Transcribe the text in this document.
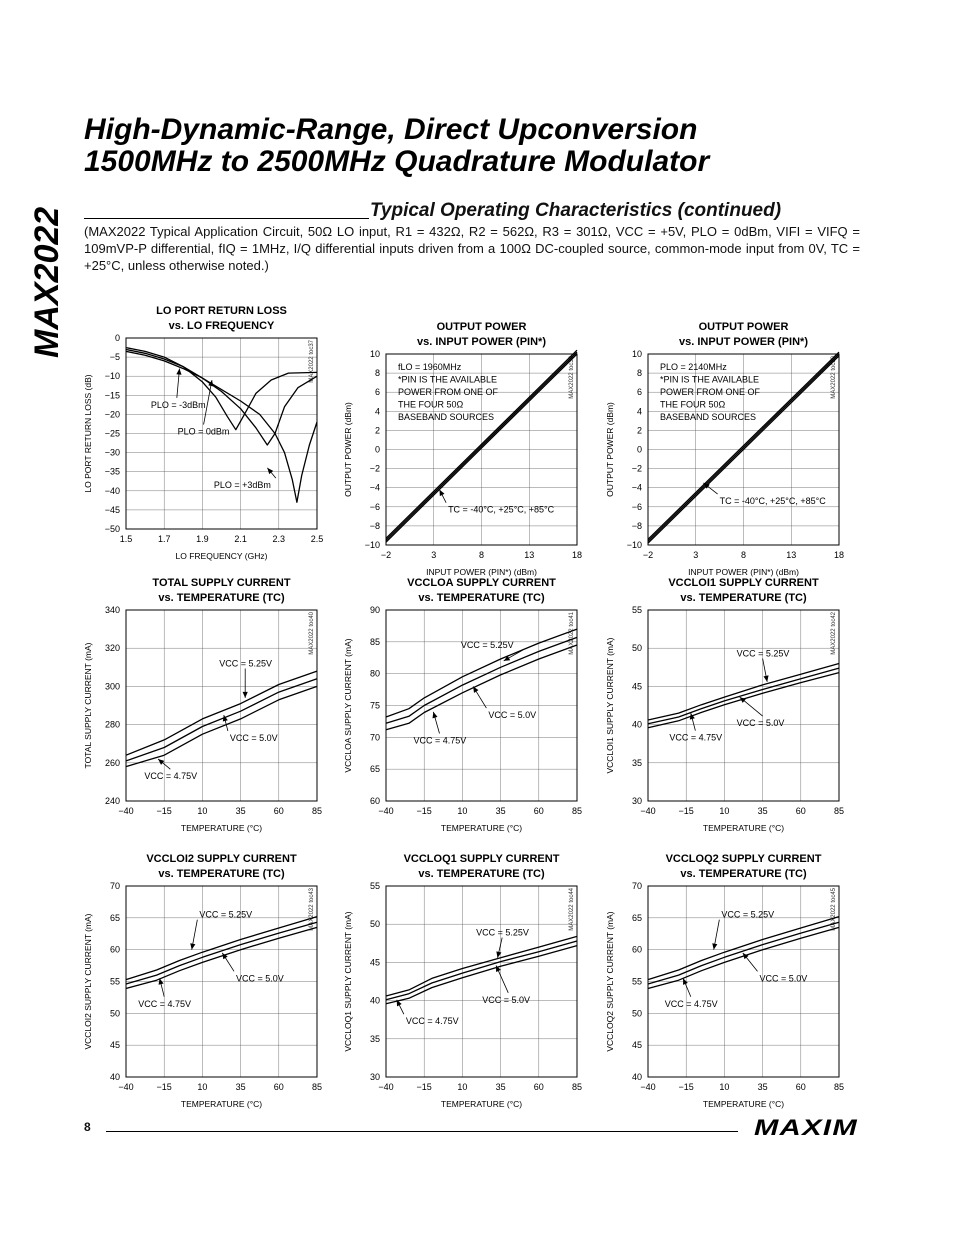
MAX2022
High-Dynamic-Range, Direct Upconversion
1500MHz to 2500MHz Quadrature Modulator
Typical Operating Characteristics (continued)

(MAX2022 Typical Application Circuit, 50Ω LO input, R1 = 432Ω, R2 = 562Ω, R3 = 301Ω, VCC = +5V, PLO = 0dBm, VIFI = VIFQ = 109mVP-P differential, fIQ = 1MHz, I/Q differential inputs driven from a 100Ω DC-coupled source, common-mode input from 0V, TC = +25°C, unless otherwise noted.)

LO PORT RETURN LOSS vs. LO FREQUENCY
1.5	1.7	1.9	2.1	2.3	2.5
0
−5
−10
−15
−20
−25
−30
−35
−40
−45
−50
LO FREQUENCY (GHz)
LO PORT RETURN LOSS (dB)
MAX2022 toc37
PLO = -3dBm
PLO = 0dBm
PLO = +3dBm
OUTPUT POWER vs. INPUT POWER (PIN*)
−2	3	8	13	18
10
8
6
4
2
0
−2
−4
−6
−8
−10
INPUT POWER (PIN*) (dBm)
OUTPUT POWER (dBm)
MAX2022 toc38
fLO = 1960MHz
*PIN IS THE AVAILABLE
POWER FROM ONE OF
THE FOUR 50Ω
BASEBAND SOURCES
TC = -40°C, +25°C, +85°C
OUTPUT POWER vs. INPUT POWER (PIN*)
−2	3	8	13	18
10
8
6
4
2
0
−2
−4
−6
−8
−10
INPUT POWER (PIN*) (dBm)
OUTPUT POWER (dBm)
MAX2022 toc39
PLO = 2140MHz
*PIN IS THE AVAILABLE
POWER FROM ONE OF
THE FOUR 50Ω
BASEBAND SOURCES
TC = -40°C, +25°C, +85°C
TOTAL SUPPLY CURRENT vs. TEMPERATURE (TC)
−40	−15	10	35	60	85
340
320
300
280
260
240
TEMPERATURE (°C)
TOTAL SUPPLY CURRENT (mA)
MAX2022 toc40
VCC = 5.25V
VCC = 5.0V
VCC = 4.75V
VCCLOA SUPPLY CURRENT vs. TEMPERATURE (TC)
−40	−15	10	35	60	85
90
85
80
75
70
65
60
TEMPERATURE (°C)
VCCLOA SUPPLY CURRENT (mA)
MAX2022 toc41
VCC = 5.25V
VCC = 5.0V
VCC = 4.75V
VCCLOI1 SUPPLY CURRENT vs. TEMPERATURE (TC)
−40	−15	10	35	60	85
55
50
45
40
35
30
TEMPERATURE (°C)
VCCLOI1 SUPPLY CURRENT (mA)
MAX2022 toc42
VCC = 5.25V
VCC = 5.0V
VCC = 4.75V
VCCLOI2 SUPPLY CURRENT vs. TEMPERATURE (TC)
−40	−15	10	35	60	85
70
65
60
55
50
45
40
TEMPERATURE (°C)
VCCLOI2 SUPPLY CURRENT (mA)
MAX2022 toc43
VCC = 5.25V
VCC = 5.0V
VCC = 4.75V
VCCLOQ1 SUPPLY CURRENT vs. TEMPERATURE (TC)
−40	−15	10	35	60	85
55
50
45
40
35
30
TEMPERATURE (°C)
VCCLOQ1 SUPPLY CURRENT (mA)
MAX2022 toc44
VCC = 5.25V
VCC = 5.0V
VCC = 4.75V
VCCLOQ2 SUPPLY CURRENT vs. TEMPERATURE (TC)
−40	−15	10	35	60	85
70
65
60
55
50
45
40
TEMPERATURE (°C)
VCCLOQ2 SUPPLY CURRENT (mA)
MAX2022 toc45
VCC = 5.25V
VCC = 5.0V
VCC = 4.75V
8	MAXIM
